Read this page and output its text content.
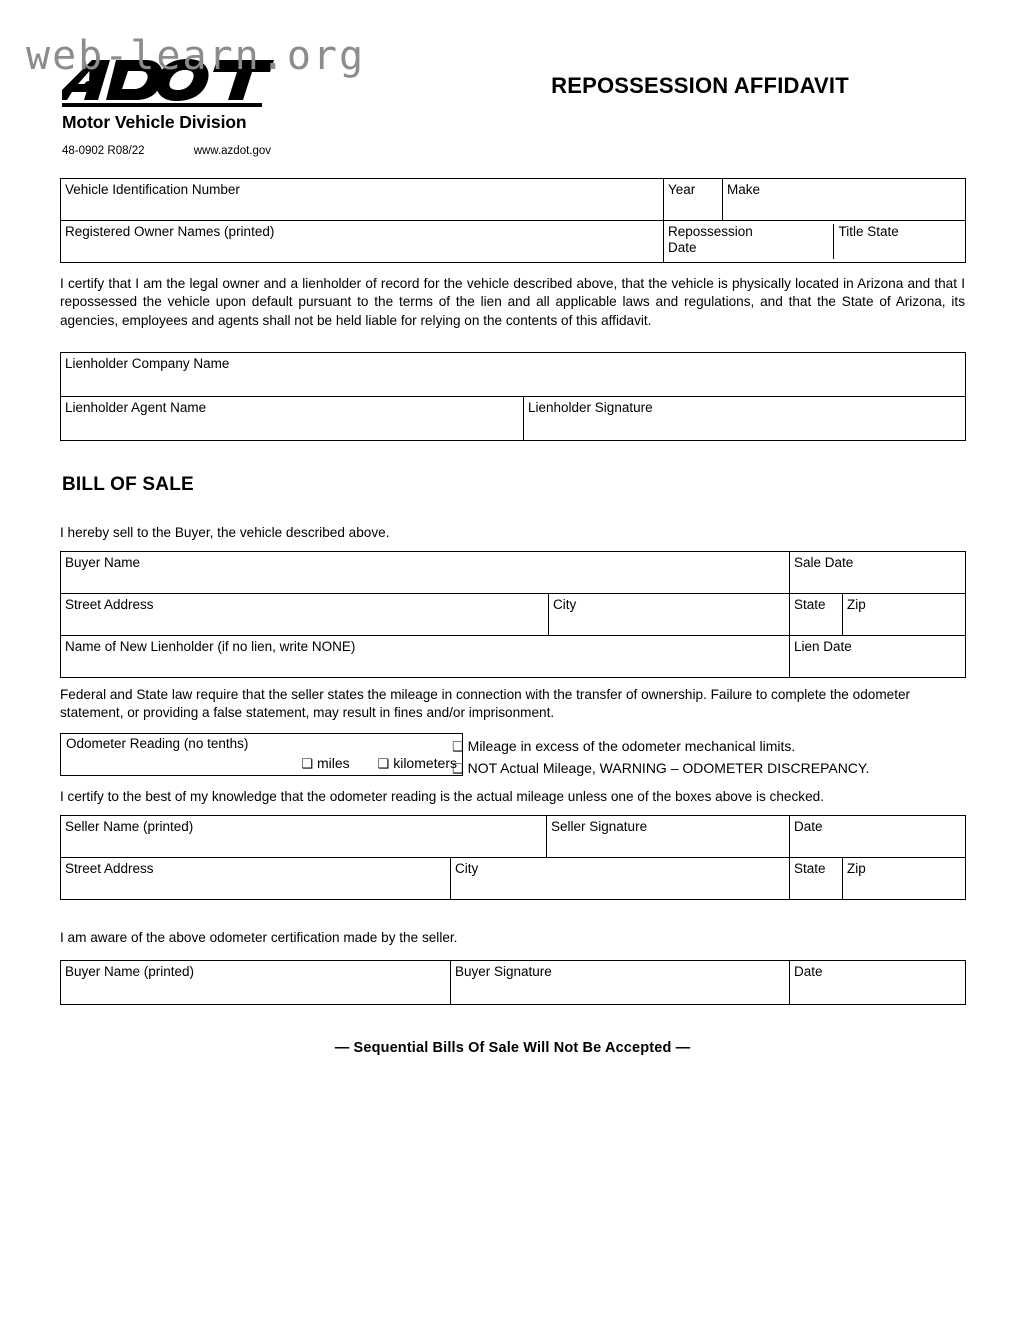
web-learn.org
Motor Vehicle Division
48-0902 R08/22	www.azdot.gov
REPOSSESSION AFFIDAVIT
Vehicle Identification Number	Year	Make
Registered Owner Names (printed)	Repossession Date	Title State
I certify that I am the legal owner and a lienholder of record for the vehicle described above, that the vehicle is physically located in Arizona and that I repossessed the vehicle upon default pursuant to the terms of the lien and all applicable laws and regulations, and that the State of Arizona, its agencies, employees and agents shall not be held liable for relying on the contents of this affidavit.
Lienholder Company Name
Lienholder Agent Name	Lienholder Signature
BILL OF SALE
I hereby sell to the Buyer, the vehicle described above.
Buyer Name		Sale Date	
Street Address	City	State	Zip
Name of New Lienholder (if no lien, write NONE)		Lien Date	
Federal and State law require that the seller states the mileage in connection with the transfer of ownership. Failure to complete the odometer statement, or providing a false statement, may result in fines and/or imprisonment.
Odometer Reading (no tenths)
❑ miles ❑ kilometers
❑ Mileage in excess of the odometer mechanical limits.
❑ NOT Actual Mileage, WARNING – ODOMETER DISCREPANCY.
I certify to the best of my knowledge that the odometer reading is the actual mileage unless one of the boxes above is checked.
Seller Name (printed)		Seller Signature	Date	
Street Address	City		State	Zip
I am aware of the above odometer certification made by the seller.
Buyer Name (printed)	Buyer Signature	Date
— Sequential Bills Of Sale Will Not Be Accepted —
